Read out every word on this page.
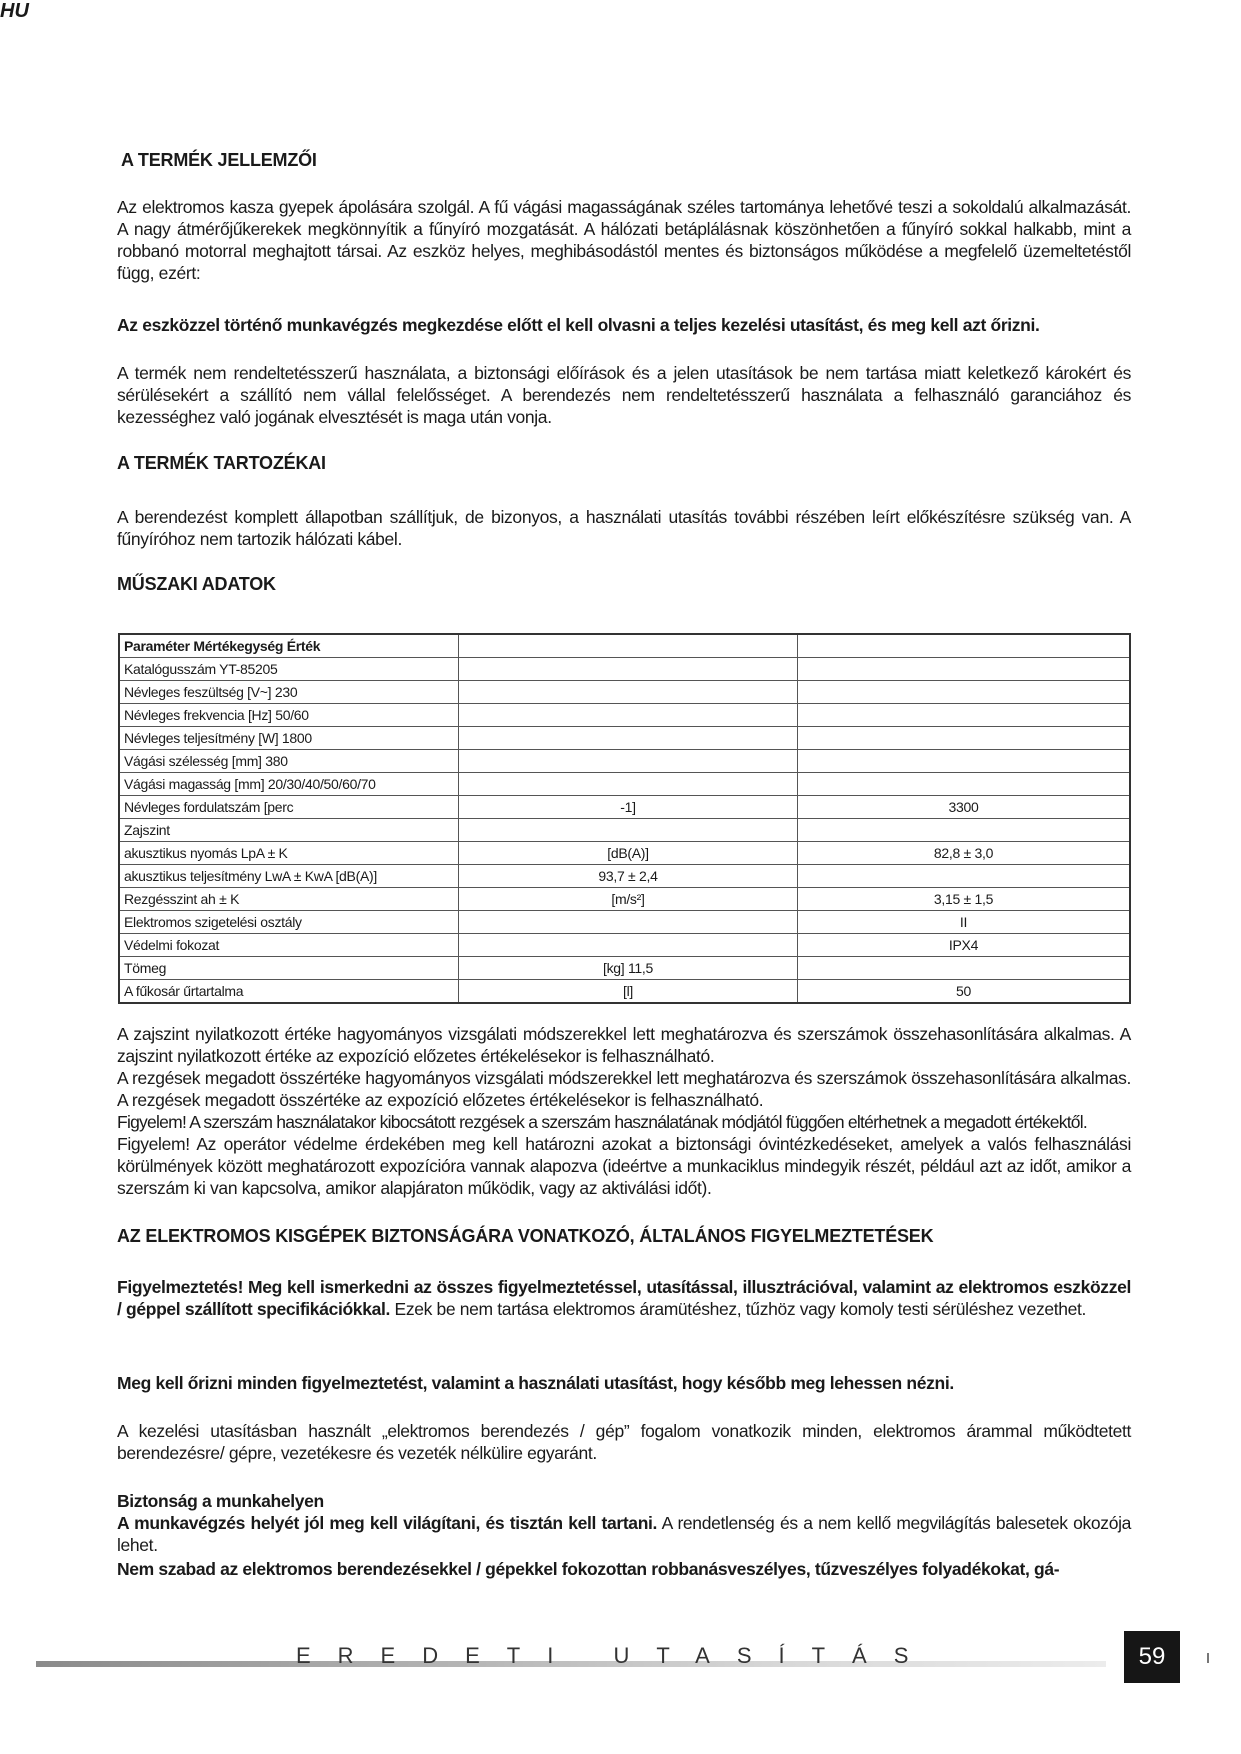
HU
A TERMÉK JELLEMZŐI
Az elektromos kasza gyepek ápolására szolgál. A fű vágási magasságának széles tartománya lehetővé teszi a sokoldalú alkalmazását. A nagy átmérőjűkerekek megkönnyítik a fűnyíró mozgatását. A hálózati betáplálásnak köszönhetően a fűnyíró sokkal halkabb, mint a robbanó motorral meghajtott társai. Az eszköz helyes, meghibásodástól mentes és biztonságos működése a megfelelő üzemeltetéstől függ, ezért:
Az eszközzel történő munkavégzés megkezdése előtt el kell olvasni a teljes kezelési utasítást, és meg kell azt őrizni.
A termék nem rendeltetésszerű használata, a biztonsági előírások és a jelen utasítások be nem tartása miatt keletkező károkért és sérülésekért a szállító nem vállal felelősséget. A berendezés nem rendeltetésszerű használata a felhasználó garanciához és kezességhez való jogának elvesztését is maga után vonja.
A TERMÉK TARTOZÉKAI
A berendezést komplett állapotban szállítjuk, de bizonyos, a használati utasítás további részében leírt előkészítésre szükség van. A fűnyíróhoz nem tartozik hálózati kábel.
MŰSZAKI ADATOK
Paraméter Mértékegység Érték		
Katalógusszám YT-85205		
Névleges feszültség [V~] 230		
Névleges frekvencia [Hz] 50/60		
Névleges teljesítmény [W] 1800		
Vágási szélesség [mm] 380		
Vágási magasság [mm] 20/30/40/50/60/70		
Névleges fordulatszám [perc	-1]	3300
Zajszint		
akusztikus nyomás LpA ± K	[dB(A)]	82,8 ± 3,0
akusztikus teljesítmény LwA ± KwA [dB(A)]	93,7 ± 2,4	
Rezgésszint ah ± K	[m/s²]	3,15 ± 1,5
Elektromos szigetelési osztály		II
Védelmi fokozat		IPX4
Tömeg	[kg] 11,5	
A fűkosár űrtartalma	[l]	50
A zajszint nyilatkozott értéke hagyományos vizsgálati módszerekkel lett meghatározva és szerszámok összehasonlítására alkalmas. A zajszint nyilatkozott értéke az expozíció előzetes értékelésekor is felhasználható.
A rezgések megadott összértéke hagyományos vizsgálati módszerekkel lett meghatározva és szerszámok összehasonlítására alkalmas. A rezgések megadott összértéke az expozíció előzetes értékelésekor is felhasználható.
Figyelem! A szerszám használatakor kibocsátott rezgések a szerszám használatának módjától függően eltérhetnek a megadott értékektől.
Figyelem! Az operátor védelme érdekében meg kell határozni azokat a biztonsági óvintézkedéseket, amelyek a valós felhasználási körülmények között meghatározott expozícióra vannak alapozva (ideértve a munkaciklus mindegyik részét, például azt az időt, amikor a szerszám ki van kapcsolva, amikor alapjáraton működik, vagy az aktiválási időt).
AZ ELEKTROMOS KISGÉPEK BIZTONSÁGÁRA VONATKOZÓ, ÁLTALÁNOS FIGYELMEZTETÉSEK
Figyelmeztetés! Meg kell ismerkedni az összes figyelmeztetéssel, utasítással, illusztrációval, valamint az elektromos eszközzel / géppel szállított specifikációkkal. Ezek be nem tartása elektromos áramütéshez, tűzhöz vagy komoly testi sérüléshez vezethet.
Meg kell őrizni minden figyelmeztetést, valamint a használati utasítást, hogy később meg lehessen nézni.
A kezelési utasításban használt „elektromos berendezés / gép” fogalom vonatkozik minden, elektromos árammal működtetett berendezésre/ gépre, vezetékesre és vezeték nélkülire egyaránt.
Biztonság a munkahelyen
A munkavégzés helyét jól meg kell világítani, és tisztán kell tartani. A rendetlenség és a nem kellő megvilágítás balesetek okozója lehet.
Nem szabad az elektromos berendezésekkel / gépekkel fokozottan robbanásveszélyes, tűzveszélyes folyadékokat, gá-
EREDETI UTASÍTÁS	59
